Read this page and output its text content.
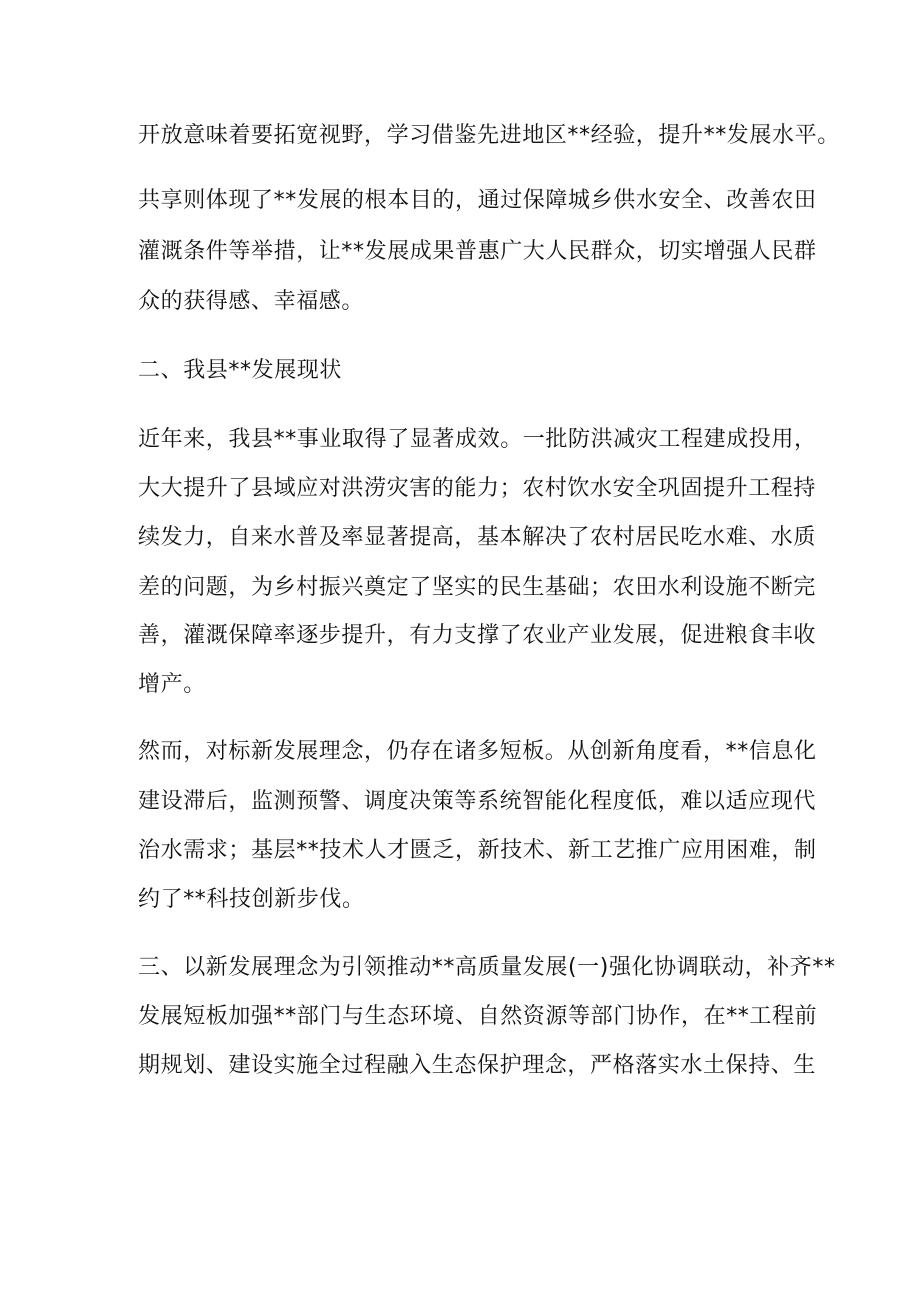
开放意味着要拓宽视野，学习借鉴先进地区**经验，提升**发展水平。
共享则体现了**发展的根本目的，通过保障城乡供水安全、改善农田
灌溉条件等举措，让**发展成果普惠广大人民群众，切实增强人民群
众的获得感、幸福感。
二、我县**发展现状
近年来，我县**事业取得了显著成效。一批防洪减灾工程建成投用，
大大提升了县域应对洪涝灾害的能力；农村饮水安全巩固提升工程持
续发力，自来水普及率显著提高，基本解决了农村居民吃水难、水质
差的问题，为乡村振兴奠定了坚实的民生基础；农田水利设施不断完
善，灌溉保障率逐步提升，有力支撑了农业产业发展，促进粮食丰收
增产。
然而，对标新发展理念，仍存在诸多短板。从创新角度看，**信息化
建设滞后，监测预警、调度决策等系统智能化程度低，难以适应现代
治水需求；基层**技术人才匮乏，新技术、新工艺推广应用困难，制
约了**科技创新步伐。
三、以新发展理念为引领推动**高质量发展(一)强化协调联动，补齐**
发展短板加强**部门与生态环境、自然资源等部门协作，在**工程前
期规划、建设实施全过程融入生态保护理念，严格落实水土保持、生
